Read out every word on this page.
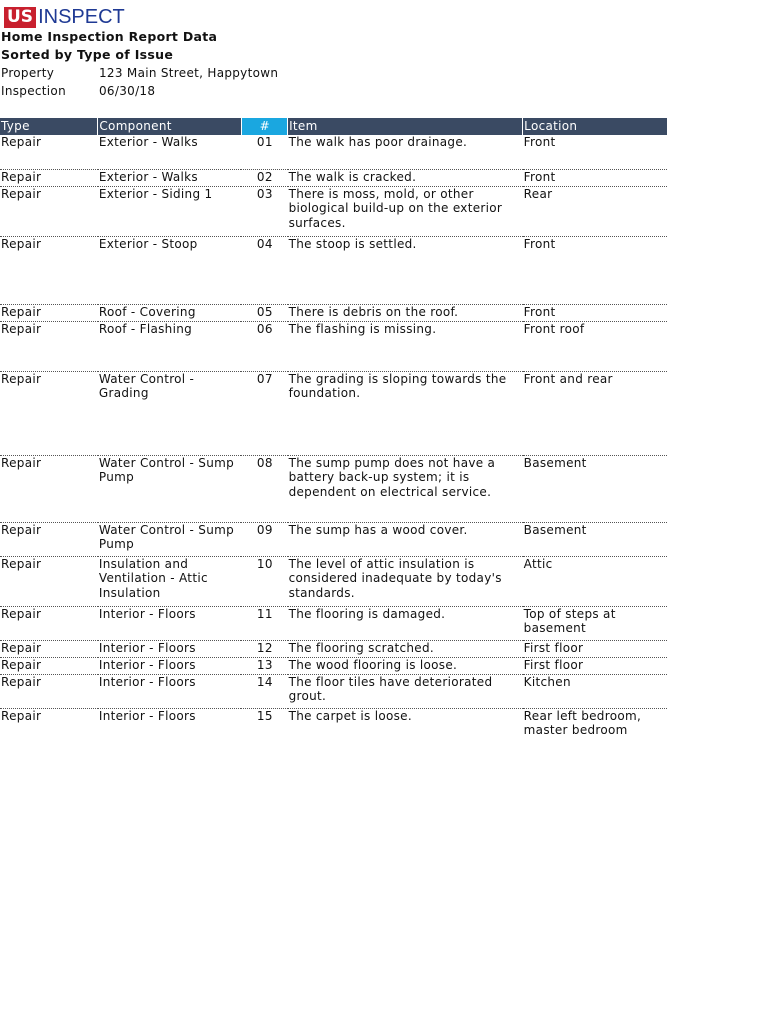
US INSPECT
Home Inspection Report Data
Sorted by Type of Issue
Property	123 Main Street, Happytown
Inspection	06/30/18
Type	Component	#	Item	Location
Repair	Exterior - Walks	01	The walk has poor drainage.	Front
Repair	Exterior - Walks	02	The walk is cracked.	Front
Repair	Exterior - Siding 1	03	There is moss, mold, or other biological build-up on the exterior surfaces.	Rear
Repair	Exterior - Stoop	04	The stoop is settled.	Front
Repair	Roof - Covering	05	There is debris on the roof.	Front
Repair	Roof - Flashing	06	The flashing is missing.	Front roof
Repair	Water Control - Grading	07	The grading is sloping towards the foundation.	Front and rear
Repair	Water Control - Sump Pump	08	The sump pump does not have a battery back-up system; it is dependent on electrical service.	Basement
Repair	Water Control - Sump Pump	09	The sump has a wood cover.	Basement
Repair	Insulation and Ventilation - Attic Insulation	10	The level of attic insulation is considered inadequate by today's standards.	Attic
Repair	Interior - Floors	11	The flooring is damaged.	Top of steps at basement
Repair	Interior - Floors	12	The flooring scratched.	First floor
Repair	Interior - Floors	13	The wood flooring is loose.	First floor
Repair	Interior - Floors	14	The floor tiles have deteriorated grout.	Kitchen
Repair	Interior - Floors	15	The carpet is loose.	Rear left bedroom, master bedroom
